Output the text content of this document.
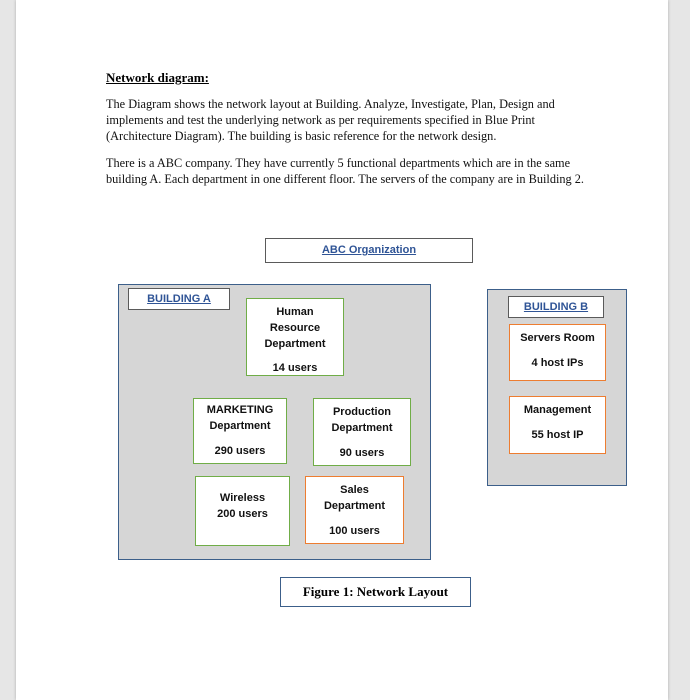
Network diagram:

The Diagram shows the network layout at Building. Analyze, Investigate, Plan, Design and implements and test the underlying network as per requirements specified in Blue Print (Architecture Diagram). The building is basic reference for the network design.

There is a ABC company. They have currently 5 functional departments which are in the same building A. Each department in one different floor. The servers of the company are in Building 2.

ABC Organization
BUILDING A
Human
Resource
Department
14 users
MARKETING
Department
290 users
Production
Department
90 users
Wireless
200 users
Sales
Department
100 users
BUILDING B
Servers Room
4 host IPs
Management
55 host IP
Figure 1: Network Layout
